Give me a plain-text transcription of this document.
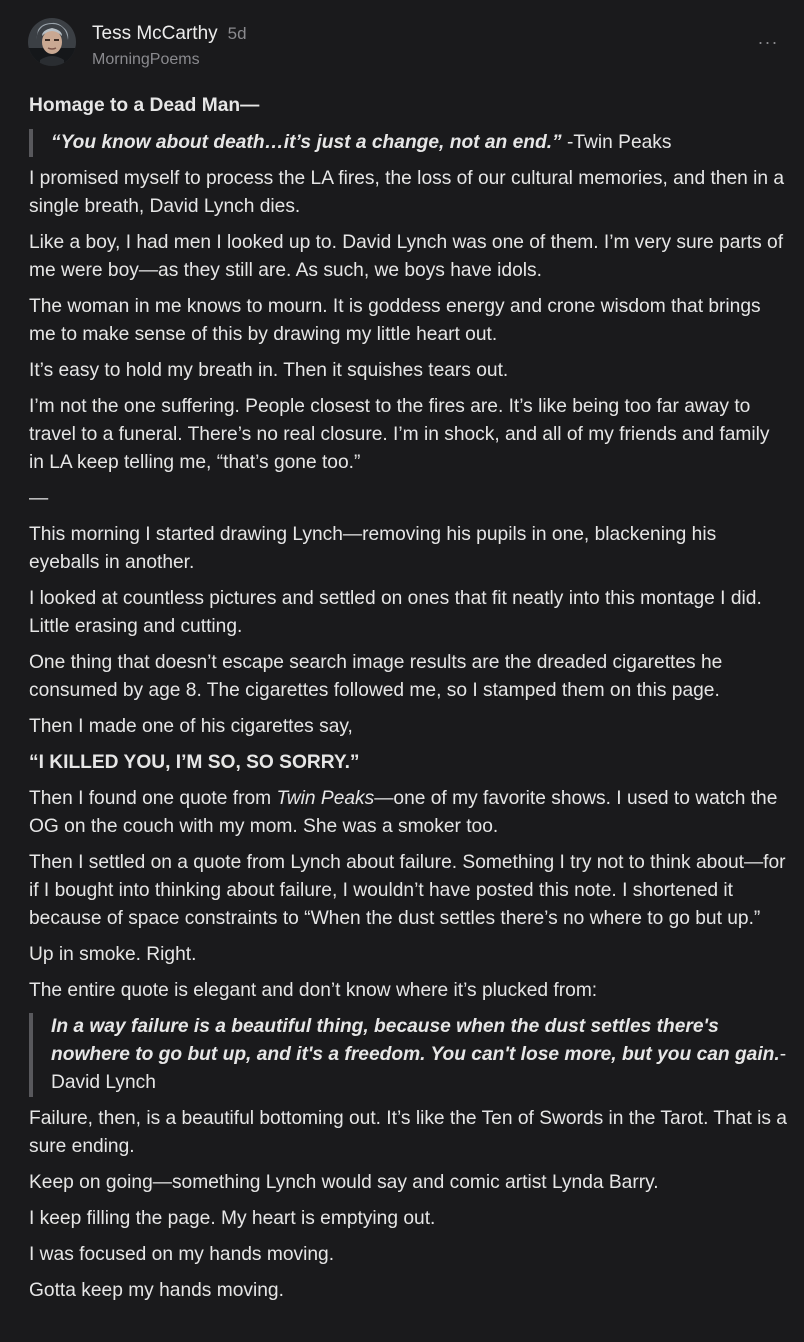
Tess McCarthy 5d
MorningPoems
···

Homage to a Dead Man—

“You know about death…it’s just a change, not an end.” -Twin Peaks

I promised myself to process the LA fires, the loss of our cultural memories, and then in a single breath, David Lynch dies.

Like a boy, I had men I looked up to. David Lynch was one of them. I’m very sure parts of me were boy—as they still are. As such, we boys have idols.

The woman in me knows to mourn. It is goddess energy and crone wisdom that brings me to make sense of this by drawing my little heart out.

It’s easy to hold my breath in. Then it squishes tears out.

I’m not the one suffering. People closest to the fires are. It’s like being too far away to travel to a funeral. There’s no real closure. I’m in shock, and all of my friends and family in LA keep telling me, “that’s gone too.”

—

This morning I started drawing Lynch—removing his pupils in one, blackening his eyeballs in another.

I looked at countless pictures and settled on ones that fit neatly into this montage I did. Little erasing and cutting.

One thing that doesn’t escape search image results are the dreaded cigarettes he consumed by age 8. The cigarettes followed me, so I stamped them on this page.

Then I made one of his cigarettes say,

“I KILLED YOU, I’M SO, SO SORRY.”

Then I found one quote from Twin Peaks—one of my favorite shows. I used to watch the OG on the couch with my mom. She was a smoker too.

Then I settled on a quote from Lynch about failure. Something I try not to think about—for if I bought into thinking about failure, I wouldn’t have posted this note. I shortened it because of space constraints to “When the dust settles there’s no where to go but up.”

Up in smoke. Right.

The entire quote is elegant and don’t know where it’s plucked from:

In a way failure is a beautiful thing, because when the dust settles there's nowhere to go but up, and it's a freedom. You can't lose more, but you can gain.-David Lynch

Failure, then, is a beautiful bottoming out. It’s like the Ten of Swords in the Tarot. That is a sure ending.

Keep on going—something Lynch would say and comic artist Lynda Barry.

I keep filling the page. My heart is emptying out.

I was focused on my hands moving.

Gotta keep my hands moving.
